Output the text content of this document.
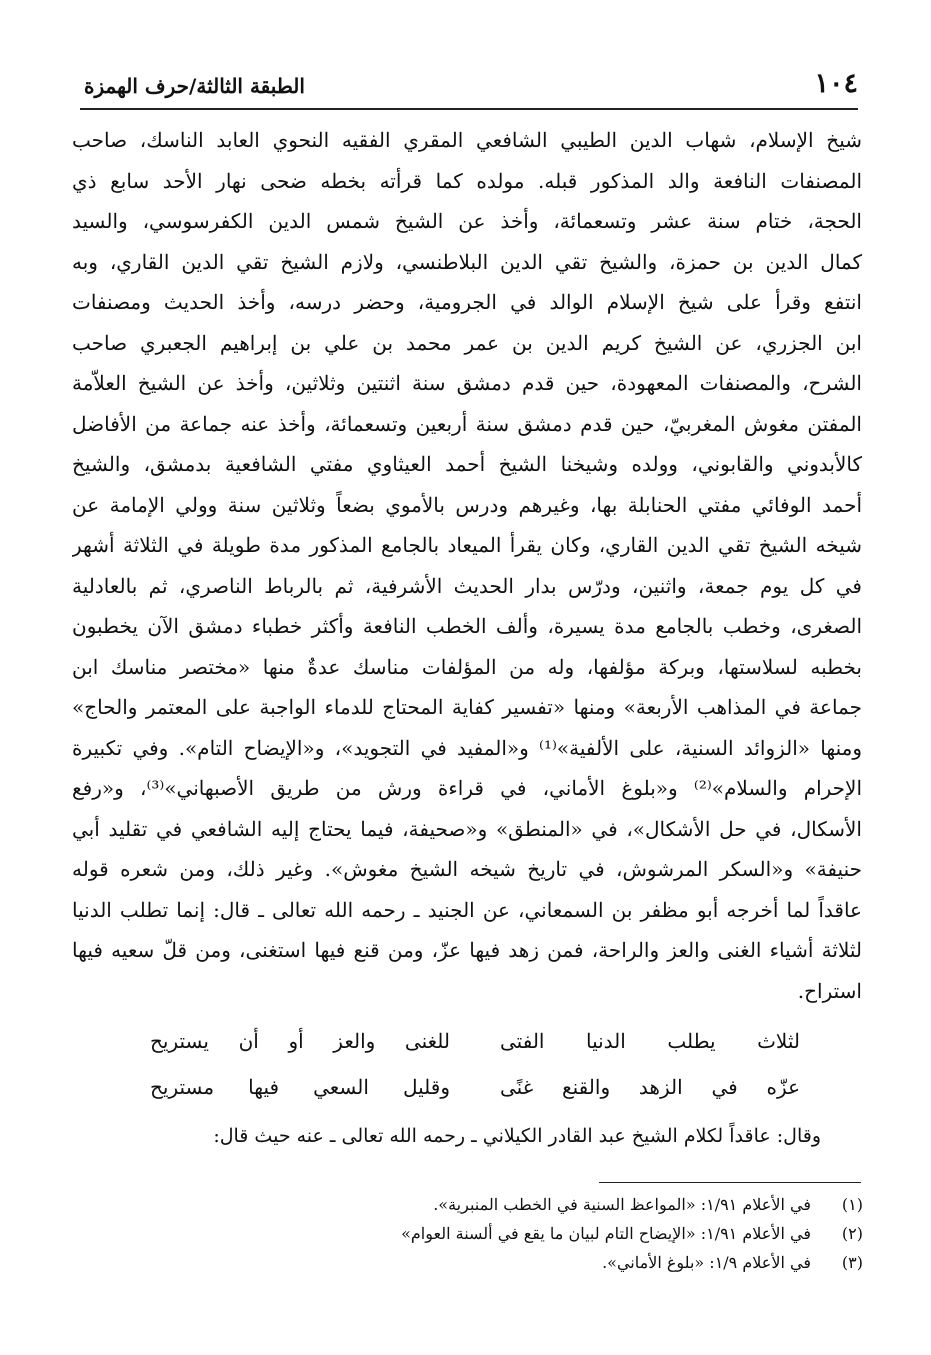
١٠٤
الطبقة الثالثة/حرف الهمزة
شيخ الإسلام، شهاب الدين الطيبي الشافعي المقري الفقيه النحوي العابد الناسك، صاحب
المصنفات النافعة والد المذكور قبله. مولده كما قرأته بخطه ضحى نهار الأحد سابع ذي
الحجة، ختام سنة عشر وتسعمائة، وأخذ عن الشيخ شمس الدين الكفرسوسي، والسيد
كمال الدين بن حمزة، والشيخ تقي الدين البلاطنسي، ولازم الشيخ تقي الدين القاري، وبه
انتفع وقرأ على شيخ الإسلام الوالد في الجرومية، وحضر درسه، وأخذ الحديث ومصنفات
ابن الجزري، عن الشيخ كريم الدين بن عمر محمد بن علي بن إبراهيم الجعبري صاحب
الشرح، والمصنفات المعهودة، حين قدم دمشق سنة اثنتين وثلاثين، وأخذ عن الشيخ العلاّمة
المفتن مغوش المغربيّ، حين قدم دمشق سنة أربعين وتسعمائة، وأخذ عنه جماعة من الأفاضل
كالأبدوني والقابوني، وولده وشيخنا الشيخ أحمد العيثاوي مفتي الشافعية بدمشق، والشيخ
أحمد الوفائي مفتي الحنابلة بها، وغيرهم ودرس بالأموي بضعاً وثلاثين سنة وولي الإمامة عن
شيخه الشيخ تقي الدين القاري، وكان يقرأ الميعاد بالجامع المذكور مدة طويلة في الثلاثة أشهر
في كل يوم جمعة، واثنين، ودرّس بدار الحديث الأشرفية، ثم بالرباط الناصري، ثم بالعادلية
الصغرى، وخطب بالجامع مدة يسيرة، وألف الخطب النافعة وأكثر خطباء دمشق الآن يخطبون
بخطبه لسلاستها، وبركة مؤلفها، وله من المؤلفات مناسك عدةٌ منها «مختصر مناسك ابن
جماعة في المذاهب الأربعة» ومنها «تفسير كفاية المحتاج للدماء الواجبة على المعتمر والحاج»
ومنها «الزوائد السنية، على الألفية»⁽¹⁾ و«المفيد في التجويد»، و«الإيضاح التام». وفي تكبيرة
الإحرام والسلام»⁽²⁾ و«بلوغ الأماني، في قراءة ورش من طريق الأصبهاني»⁽³⁾، و«رفع
الأسكال، في حل الأشكال»، في «المنطق» و«صحيفة، فيما يحتاج إليه الشافعي في تقليد أبي
حنيفة» و«السكر المرشوش، في تاريخ شيخه الشيخ مغوش». وغير ذلك، ومن شعره قوله
عاقداً لما أخرجه أبو مظفر بن السمعاني، عن الجنيد ـ رحمه الله تعالى ـ قال: إنما تطلب الدنيا
لثلاثة أشياء الغنى والعز والراحة، فمن زهد فيها عزّ، ومن قنع فيها استغنى، ومن قلّ سعيه فيها
استراح.
لثلاث يطلب الدنيا الفتى
للغنى والعز أو أن يستريح
عزّه في الزهد والقنع غنًى
وقليل السعي فيها مستريح
وقال: عاقداً لكلام الشيخ عبد القادر الكيلاني ـ رحمه الله تعالى ـ عنه حيث قال:
(١)
في الأعلام ١/٩١: «المواعظ السنية في الخطب المنبرية».
(٢)
في الأعلام ١/٩١: «الإيضاح التام لبيان ما يقع في ألسنة العوام»
(٣)
في الأعلام ١/٩: «بلوغ الأماني».
